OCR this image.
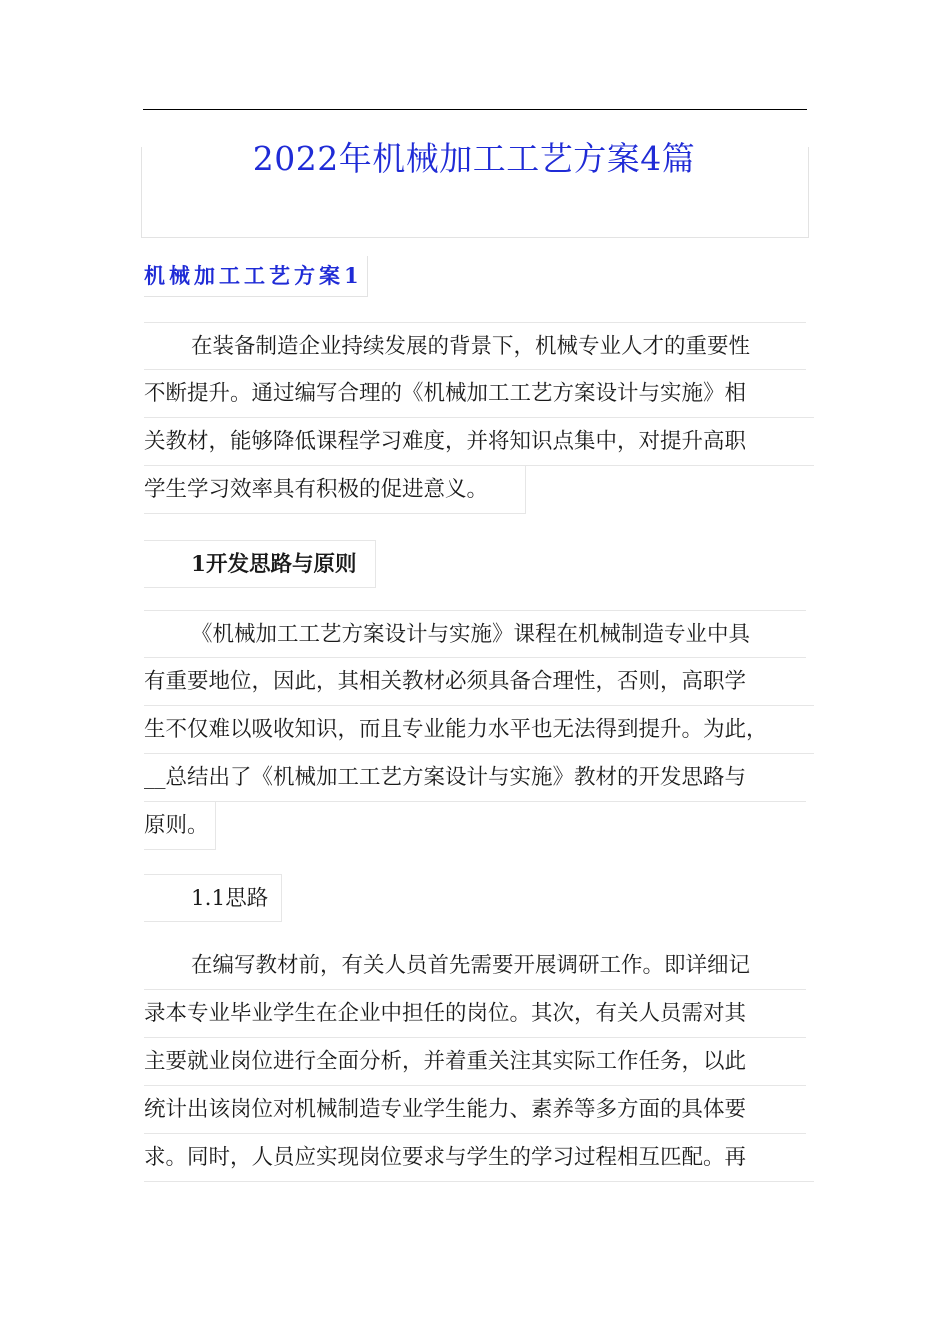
2022年机械加工工艺方案4篇
机械加工工艺方案1
在装备制造企业持续发展的背景下，机械专业人才的重要性
不断提升。通过编写合理的《机械加工工艺方案设计与实施》相
关教材，能够降低课程学习难度，并将知识点集中，对提升高职
学生学习效率具有积极的促进意义。
1开发思路与原则
《机械加工工艺方案设计与实施》课程在机械制造专业中具
有重要地位，因此，其相关教材必须具备合理性，否则，高职学
生不仅难以吸收知识，而且专业能力水平也无法得到提升。为此，
__总结出了《机械加工工艺方案设计与实施》教材的开发思路与
原则。
1.1思路
在编写教材前，有关人员首先需要开展调研工作。即详细记
录本专业毕业学生在企业中担任的岗位。其次，有关人员需对其
主要就业岗位进行全面分析，并着重关注其实际工作任务，以此
统计出该岗位对机械制造专业学生能力、素养等多方面的具体要
求。同时，人员应实现岗位要求与学生的学习过程相互匹配。再
